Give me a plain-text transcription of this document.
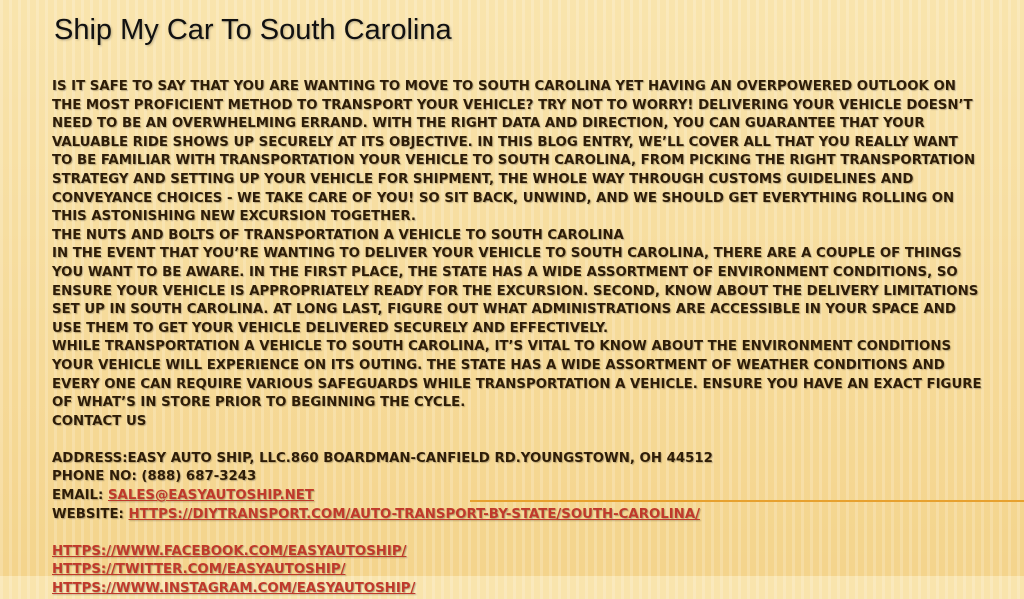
Ship My Car To South Carolina

IS IT SAFE TO SAY THAT YOU ARE WANTING TO MOVE TO SOUTH CAROLINA YET HAVING AN OVERPOWERED OUTLOOK ON THE MOST PROFICIENT METHOD TO TRANSPORT YOUR VEHICLE? TRY NOT TO WORRY! DELIVERING YOUR VEHICLE DOESN’T NEED TO BE AN OVERWHELMING ERRAND. WITH THE RIGHT DATA AND DIRECTION, YOU CAN GUARANTEE THAT YOUR VALUABLE RIDE SHOWS UP SECURELY AT ITS OBJECTIVE. IN THIS BLOG ENTRY, WE’LL COVER ALL THAT YOU REALLY WANT TO BE FAMILIAR WITH TRANSPORTATION YOUR VEHICLE TO SOUTH CAROLINA, FROM PICKING THE RIGHT TRANSPORTATION STRATEGY AND SETTING UP YOUR VEHICLE FOR SHIPMENT, THE WHOLE WAY THROUGH CUSTOMS GUIDELINES AND CONVEYANCE CHOICES - WE TAKE CARE OF YOU! SO SIT BACK, UNWIND, AND WE SHOULD GET EVERYTHING ROLLING ON THIS ASTONISHING NEW EXCURSION TOGETHER.

THE NUTS AND BOLTS OF TRANSPORTATION A VEHICLE TO SOUTH CAROLINA

IN THE EVENT THAT YOU’RE WANTING TO DELIVER YOUR VEHICLE TO SOUTH CAROLINA, THERE ARE A COUPLE OF THINGS YOU WANT TO BE AWARE. IN THE FIRST PLACE, THE STATE HAS A WIDE ASSORTMENT OF ENVIRONMENT CONDITIONS, SO ENSURE YOUR VEHICLE IS APPROPRIATELY READY FOR THE EXCURSION. SECOND, KNOW ABOUT THE DELIVERY LIMITATIONS SET UP IN SOUTH CAROLINA. AT LONG LAST, FIGURE OUT WHAT ADMINISTRATIONS ARE ACCESSIBLE IN YOUR SPACE AND USE THEM TO GET YOUR VEHICLE DELIVERED SECURELY AND EFFECTIVELY.

WHILE TRANSPORTATION A VEHICLE TO SOUTH CAROLINA, IT’S VITAL TO KNOW ABOUT THE ENVIRONMENT CONDITIONS YOUR VEHICLE WILL EXPERIENCE ON ITS OUTING. THE STATE HAS A WIDE ASSORTMENT OF WEATHER CONDITIONS AND EVERY ONE CAN REQUIRE VARIOUS SAFEGUARDS WHILE TRANSPORTATION A VEHICLE. ENSURE YOU HAVE AN EXACT FIGURE OF WHAT’S IN STORE PRIOR TO BEGINNING THE CYCLE.

CONTACT US

ADDRESS:EASY AUTO SHIP, LLC.860 BOARDMAN-CANFIELD RD.YOUNGSTOWN, OH 44512

PHONE NO: (888) 687-3243

EMAIL: SALES@EASYAUTOSHIP.NET

WEBSITE: HTTPS://DIYTRANSPORT.COM/AUTO-TRANSPORT-BY-STATE/SOUTH-CAROLINA/

HTTPS://WWW.FACEBOOK.COM/EASYAUTOSHIP/

HTTPS://TWITTER.COM/EASYAUTOSHIP/

HTTPS://WWW.INSTAGRAM.COM/EASYAUTOSHIP/
